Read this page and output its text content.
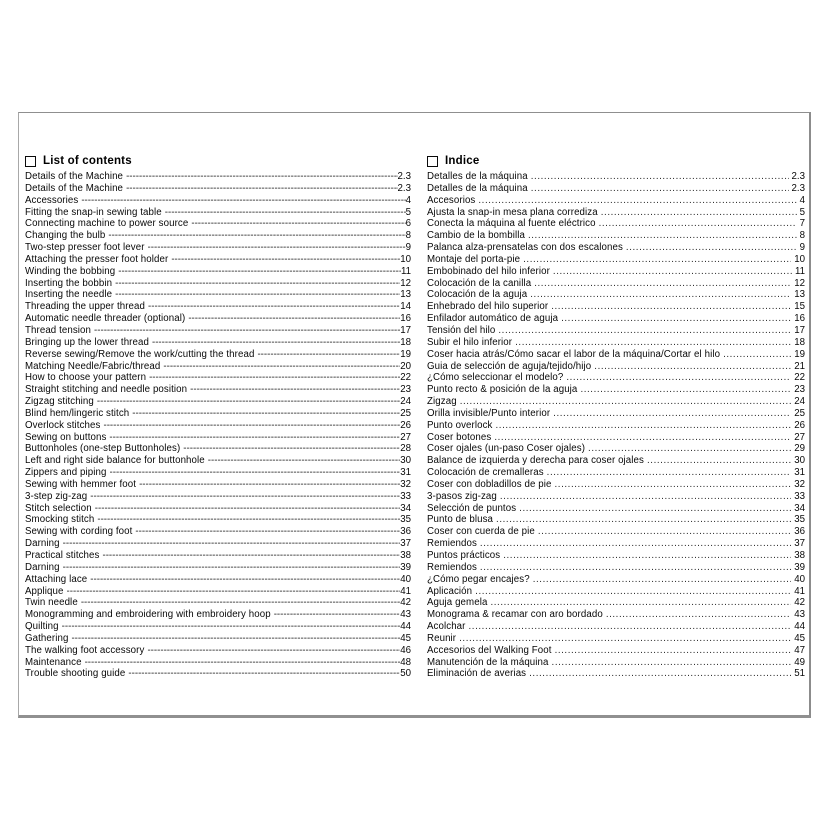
List of contents
Details of the Machine -----	2.3
Details of the Machine -----	2.3
Accessories -----	4
Fitting the snap-in sewing table -----	5
Connecting machine to power source -----	6
Changing the bulb -----	8
Two-step presser foot lever -----	9
Attaching the presser foot holder -----	10
Winding the bobbing -----	11
Inserting the bobbin -----	12
Inserting the needle -----	13
Threading the upper thread -----	14
Automatic needle threader (optional) -----	16
Thread tension -----	17
Bringing up the lower thread -----	18
Reverse sewing/Remove the work/cutting the thread -----	19
Matching Needle/Fabric/thread -----	20
How to choose your pattern -----	22
Straight stitching and needle position -----	23
Zigzag stitching -----	24
Blind hem/lingeric stitch -----	25
Overlock stitches -----	26
Sewing on buttons -----	27
Buttonholes (one-step Buttonholes) -----	28
Left and right side balance for buttonhole -----	30
Zippers and piping -----	31
Sewing with hemmer foot -----	32
3-step zig-zag -----	33
Stitch selection -----	34
Smocking stitch -----	35
Sewing with cording foot -----	36
Darning -----	37
Practical stitches -----	38
Darning -----	39
Attaching lace -----	40
Applique -----	41
Twin needle -----	42
Monogramming and embroidering with embroidery hoop -----	43
Quilting -----	44
Gathering -----	45
The walking foot accessory -----	46
Maintenance -----	48
Trouble shooting guide -----	50
Indice
Detalles de la máquina .....	2.3
Detalles de la máquina .....	2.3
Accesorios .....	4
Ajusta la snap-in mesa plana corrediza .....	5
Conecta la máquina al fuente eléctrico .....	7
Cambio de la bombilla .....	8
Palanca alza-prensatelas con dos escalones .....	9
Montaje del porta-pie .....	10
Embobinado del hilo inferior .....	11
Colocación de la canilla .....	12
Colocación de la aguja .....	13
Enhebrado del hilo superior .....	15
Enfilador automático de aguja .....	16
Tensión del hilo .....	17
Subir el hilo inferior .....	18
Coser hacia atrás/Cómo sacar el labor de la máquina/Cortar el hilo .....	19
Guia de selección de aguja/tejido/hijo .....	21
¿Cómo seleccionar el modelo? .....	22
Punto recto & posición de la aguja .....	23
Zigzag .....	24
Orilla invisible/Punto interior .....	25
Punto overlock .....	26
Coser botones .....	27
Coser ojales (un-paso Coser ojales) .....	29
Balance de izquierda y derecha para coser ojales .....	30
Colocación de cremalleras .....	31
Coser con dobladillos de pie .....	32
3-pasos zig-zag .....	33
Selección de puntos .....	34
Punto de blusa .....	35
Coser con cuerda de pie .....	36
Remiendos .....	37
Puntos prácticos .....	38
Remiendos .....	39
¿Cómo pegar encajes? .....	40
Aplicación .....	41
Aguja gemela .....	42
Monograma & recamar con aro bordado .....	43
Acolchar .....	44
Reunir .....	45
Accesorios del Walking Foot .....	47
Manutención de la máquina .....	49
Eliminación de averias .....	51
